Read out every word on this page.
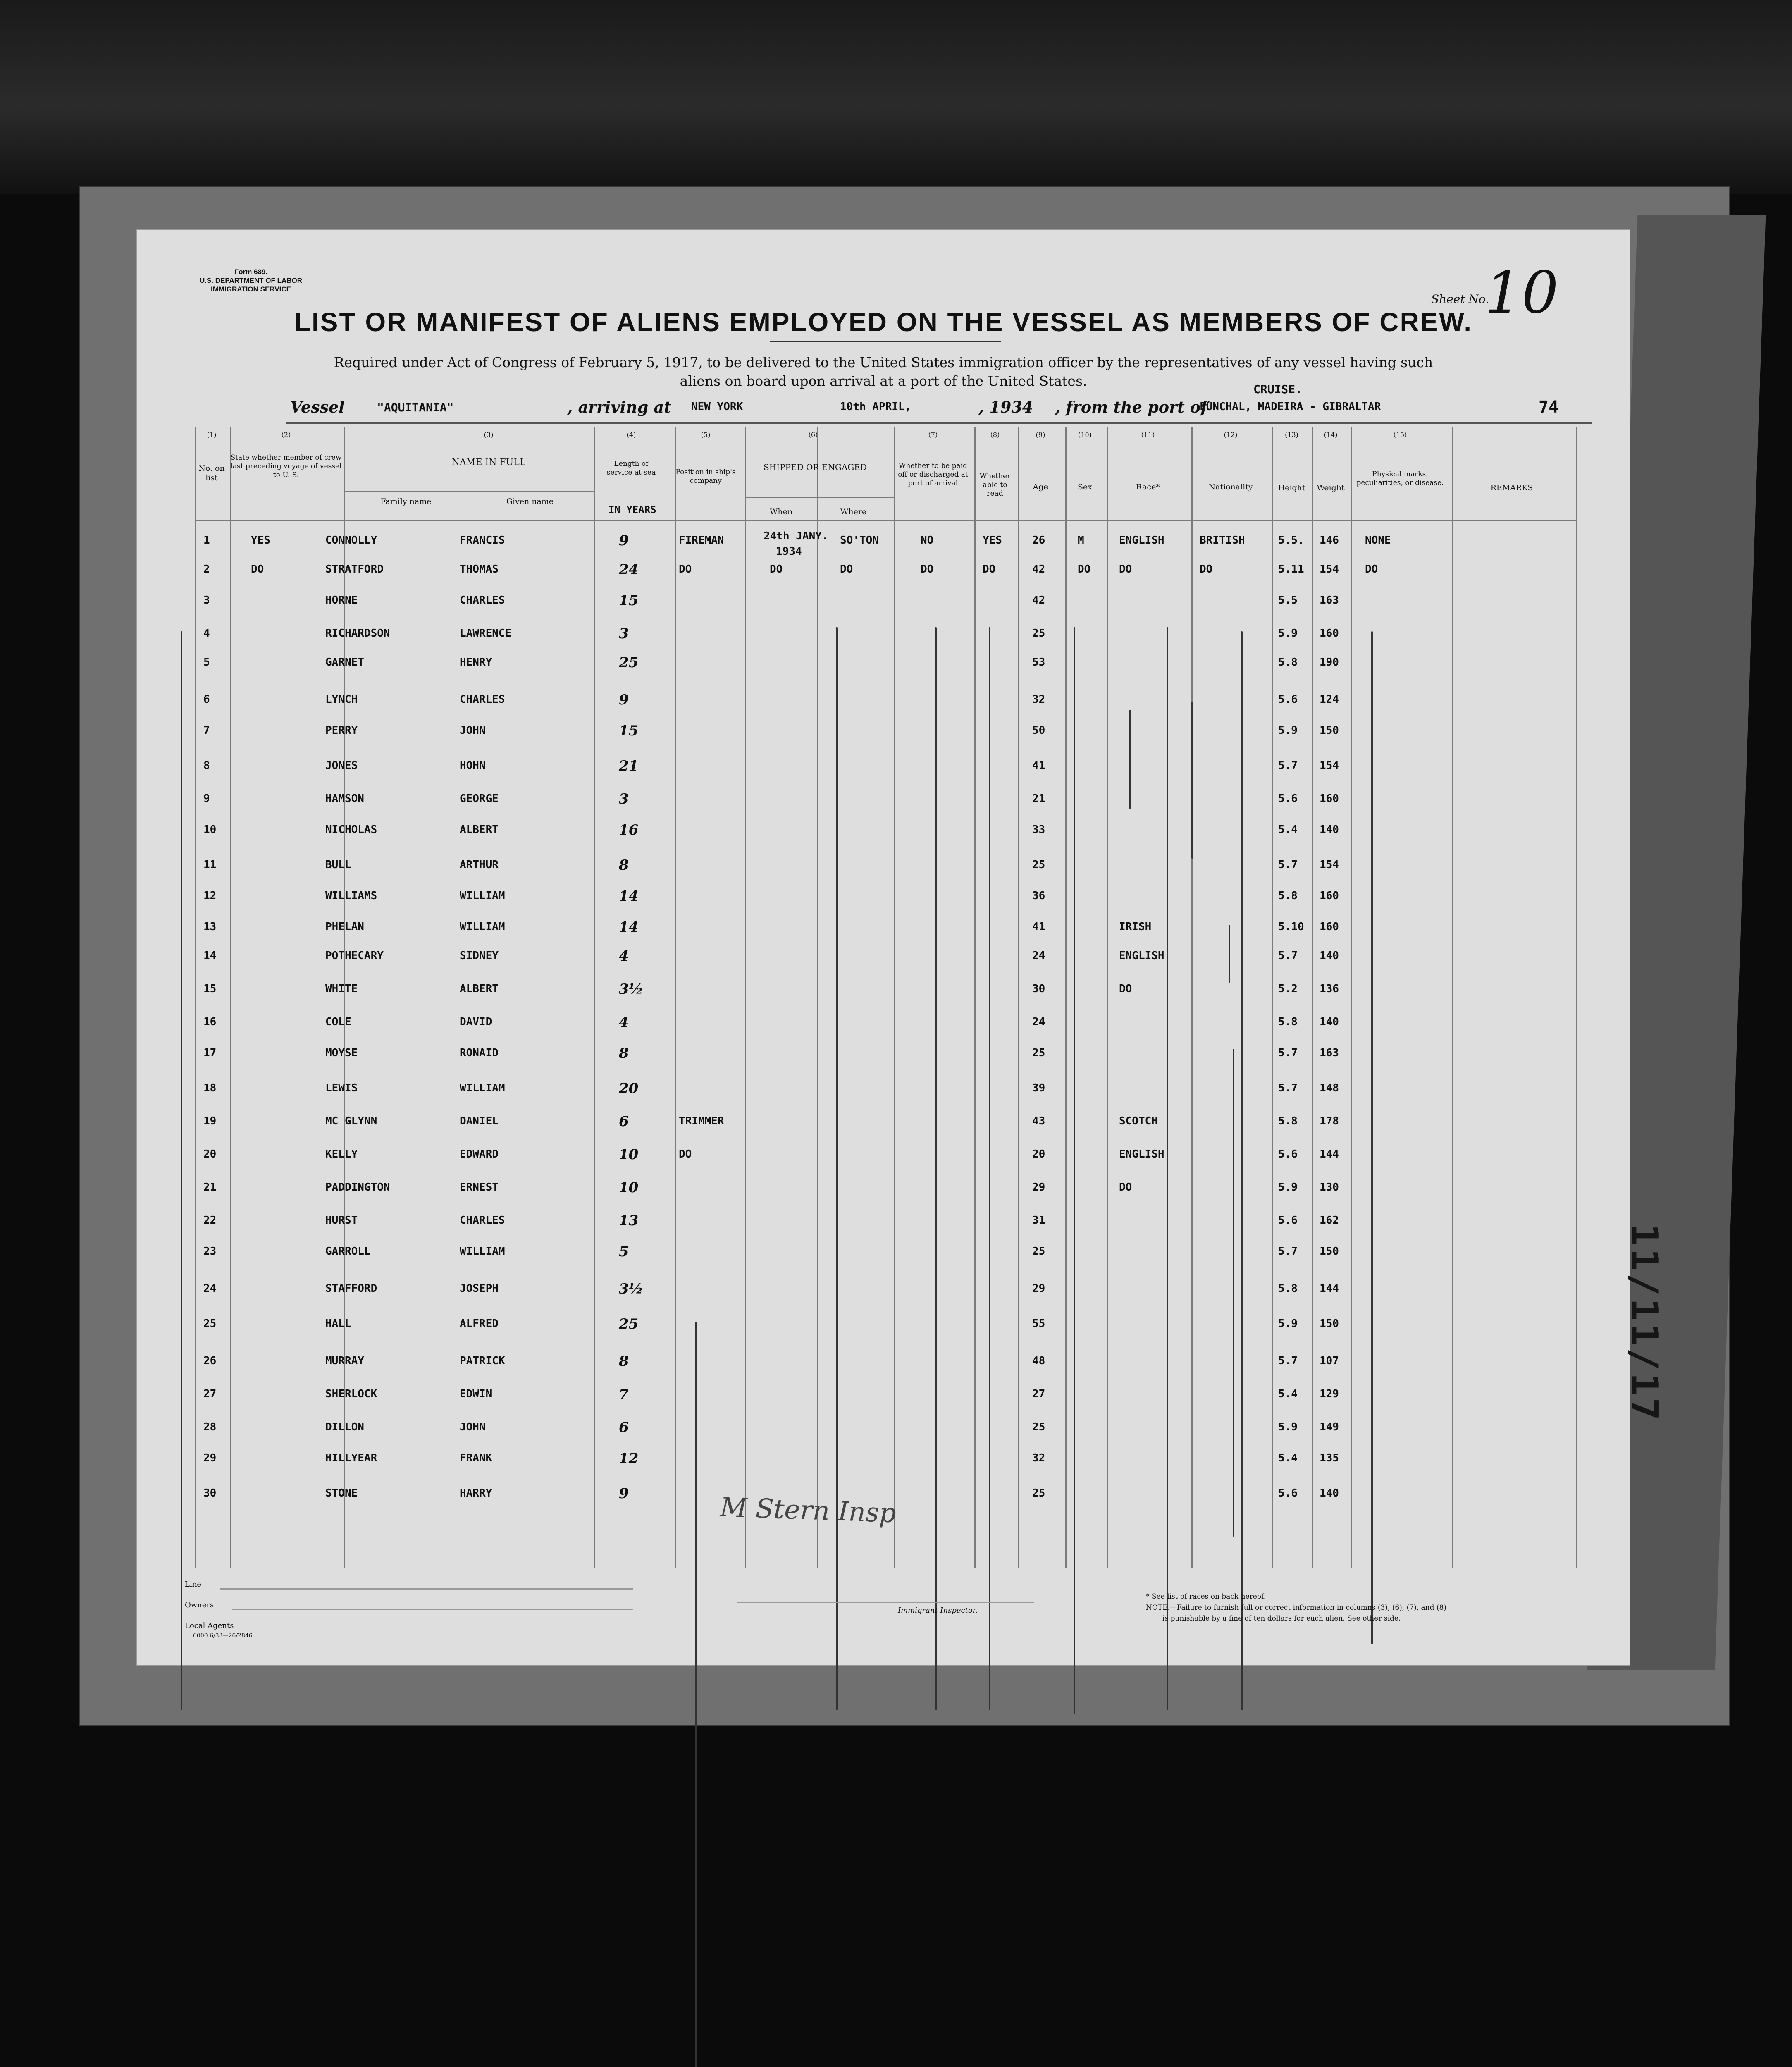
Form 689.
U.S. DEPARTMENT OF LABOR
IMMIGRATION SERVICE
Sheet No.
10
LIST OR MANIFEST OF ALIENS EMPLOYED ON THE VESSEL AS MEMBERS OF CREW.
Required under Act of Congress of February 5, 1917, to be delivered to the United States immigration officer by the representatives of any vessel having such
aliens on board upon arrival at a port of the United States.
CRUISE.
Vessel	"AQUITANIA"	, arriving at NEW YORK	10th APRIL,	, 1934 , from the port of
FUNCHAL, MADEIRA - GIBRALTAR	74
(1)
No. on list
(2)
State whether member of crew last preceding voyage of vessel to U. S.
(3)
NAME IN FULL
Family name	Given name
(4)
Length of service at sea
IN YEARS
(5)
Position in ship's company
(6)
SHIPPED OR ENGAGED
When	Where
(7)
Whether to be paid off or discharged at port of arrival
(8)
Whether able to read
(9)
Age
(10)
Sex
(11)
Race*
(12)
Nationality
(13)
Height
(14)
Weight
(15)
Physical marks, peculiarities, or disease.
REMARKS
24th JANY.
1934
1	YES	CONNOLLY	FRANCIS	9	FIREMAN	SO'TON	NO	YES	26	M	ENGLISH	BRITISH	5.5. 146 NONE
2	DO	STRATFORD	THOMAS	24	DO	DO	DO	DO	DO	42	DO	DO	DO	5.11 154 DO
3	HORNE	CHARLES	15	42	5.5 163
4	RICHARDSON	LAWRENCE	3	25	5.9 160
5	GARNET	HENRY	25	53	5.8 190
6	LYNCH	CHARLES	9	32	5.6 124
7	PERRY	JOHN	15	50	5.9 150
8	JONES	HOHN	21	41	5.7 154
9	HAMSON	GEORGE	3	21	5.6 160
10	NICHOLAS	ALBERT	16	33	5.4 140
11	BULL	ARTHUR	8	25	5.7 154
12	WILLIAMS	WILLIAM	14	36	5.8 160
13	PHELAN	WILLIAM	14	41	IRISH	5.10 160
14	POTHECARY	SIDNEY	4	24	ENGLISH	5.7 140
15	WHITE	ALBERT	3½	30	DO	5.2 136
16	COLE	DAVID	4	24	5.8 140
17	MOYSE	RONAID	8	25	5.7 163
18	LEWIS	WILLIAM	20	39	5.7 148
19	MC GLYNN	DANIEL	6	TRIMMER	43	SCOTCH	5.8 178
20	KELLY	EDWARD	10	DO	20	ENGLISH	5.6 144
21	PADDINGTON	ERNEST	10	29	DO	5.9 130
22	HURST	CHARLES	13	31	5.6 162
23	GARROLL	WILLIAM	5	25	5.7 150
24	STAFFORD	JOSEPH	3½	29	5.8 144
25	HALL	ALFRED	25	55	5.9 150
26	MURRAY	PATRICK	8	48	5.7 107
27	SHERLOCK	EDWIN	7	27	5.4 129
28	DILLON	JOHN	6	25	5.9 149
29	HILLYEAR	FRANK	12	32	5.4 135
30	STONE	HARRY	9	25	5.6 140
M Stern Insp
Line
Owners
Local Agents
6000 6/33—26/2846
Immigrant Inspector.
* See list of races on back hereof.
NOTE.—Failure to furnish full or correct information in columns (3), (6), (7), and (8)
is punishable by a fine of ten dollars for each alien. See other side.
11/11/17
